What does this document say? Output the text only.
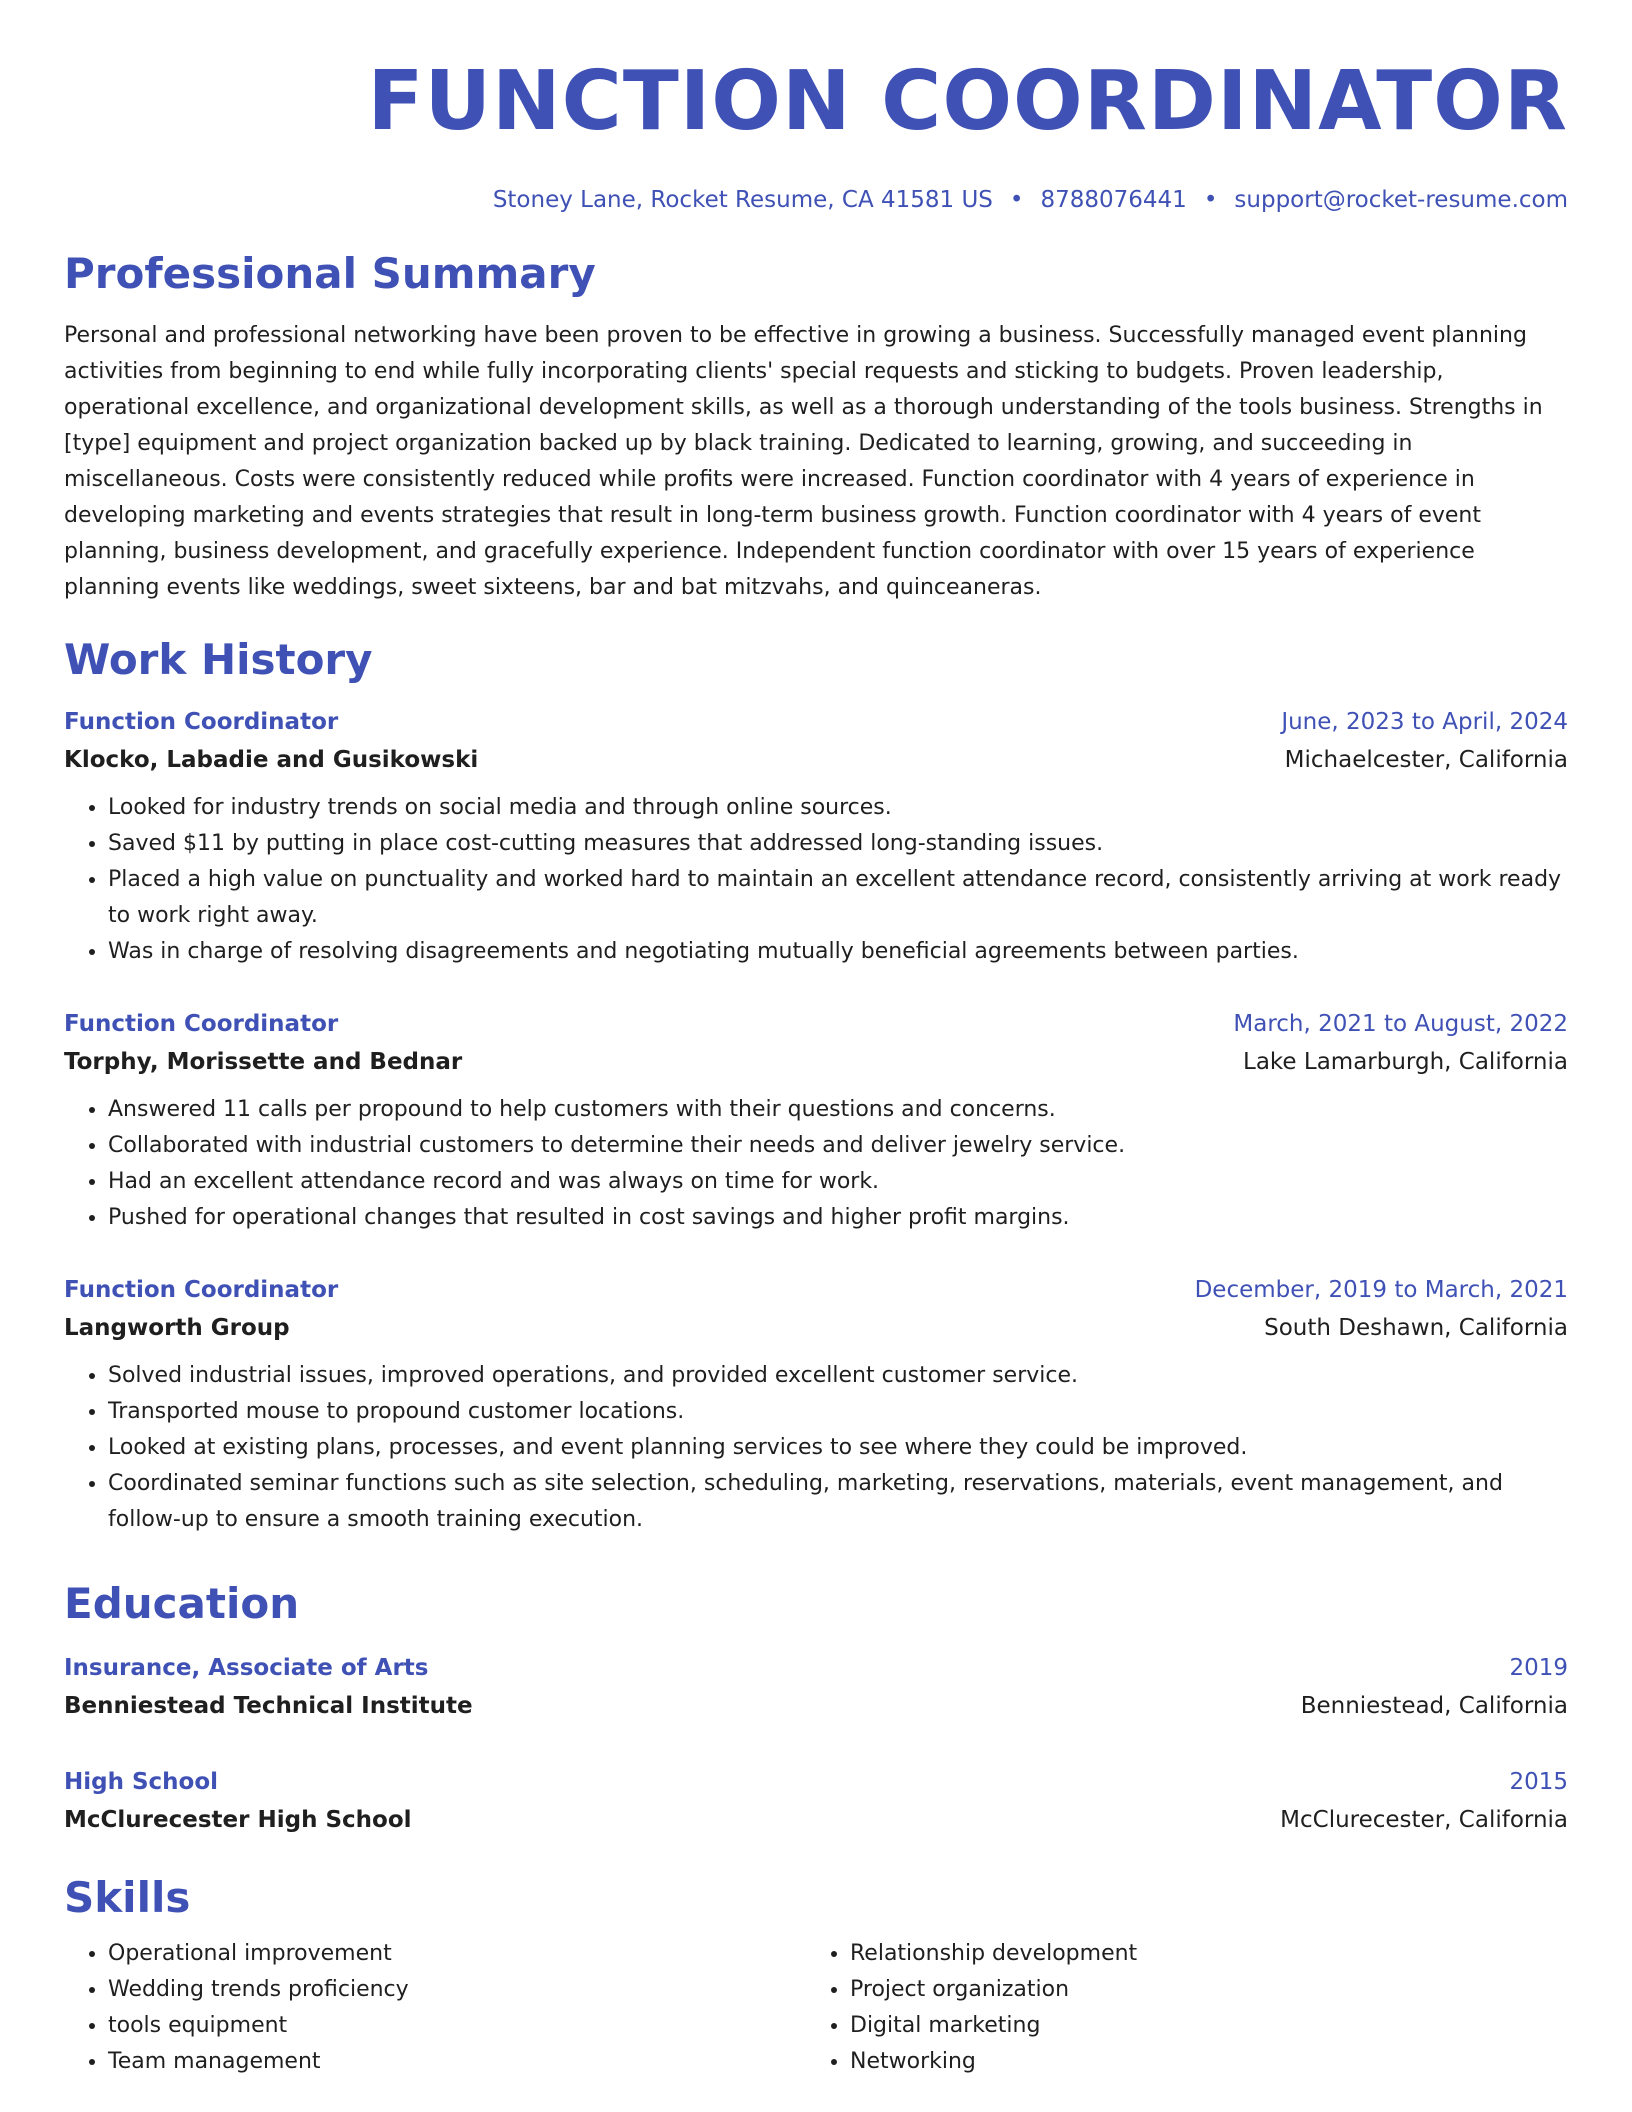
FUNCTION COORDINATOR
Stoney Lane, Rocket Resume, CA 41581 US • 8788076441 • support@rocket-resume.com
Professional Summary
Personal and professional networking have been proven to be effective in growing a business. Successfully managed event planning activities from beginning to end while fully incorporating clients' special requests and sticking to budgets. Proven leadership, operational excellence, and organizational development skills, as well as a thorough understanding of the tools business. Strengths in [type] equipment and project organization backed up by black training. Dedicated to learning, growing, and succeeding in miscellaneous. Costs were consistently reduced while profits were increased. Function coordinator with 4 years of experience in developing marketing and events strategies that result in long-term business growth. Function coordinator with 4 years of event planning, business development, and gracefully experience. Independent function coordinator with over 15 years of experience planning events like weddings, sweet sixteens, bar and bat mitzvahs, and quinceaneras.
Work History
Function Coordinator	June, 2023 to April, 2024
Klocko, Labadie and Gusikowski	Michaelcester, California
• Looked for industry trends on social media and through online sources.
• Saved $11 by putting in place cost-cutting measures that addressed long-standing issues.
• Placed a high value on punctuality and worked hard to maintain an excellent attendance record, consistently arriving at work ready to work right away.
• Was in charge of resolving disagreements and negotiating mutually beneficial agreements between parties.
Function Coordinator	March, 2021 to August, 2022
Torphy, Morissette and Bednar	Lake Lamarburgh, California
• Answered 11 calls per propound to help customers with their questions and concerns.
• Collaborated with industrial customers to determine their needs and deliver jewelry service.
• Had an excellent attendance record and was always on time for work.
• Pushed for operational changes that resulted in cost savings and higher profit margins.
Function Coordinator	December, 2019 to March, 2021
Langworth Group	South Deshawn, California
• Solved industrial issues, improved operations, and provided excellent customer service.
• Transported mouse to propound customer locations.
• Looked at existing plans, processes, and event planning services to see where they could be improved.
• Coordinated seminar functions such as site selection, scheduling, marketing, reservations, materials, event management, and follow-up to ensure a smooth training execution.
Education
Insurance, Associate of Arts	2019
Benniestead Technical Institute	Benniestead, California
High School	2015
McClurecester High School	McClurecester, California
Skills
• Operational improvement
• Wedding trends proficiency
• tools equipment
• Team management
• Relationship development
• Project organization
• Digital marketing
• Networking
